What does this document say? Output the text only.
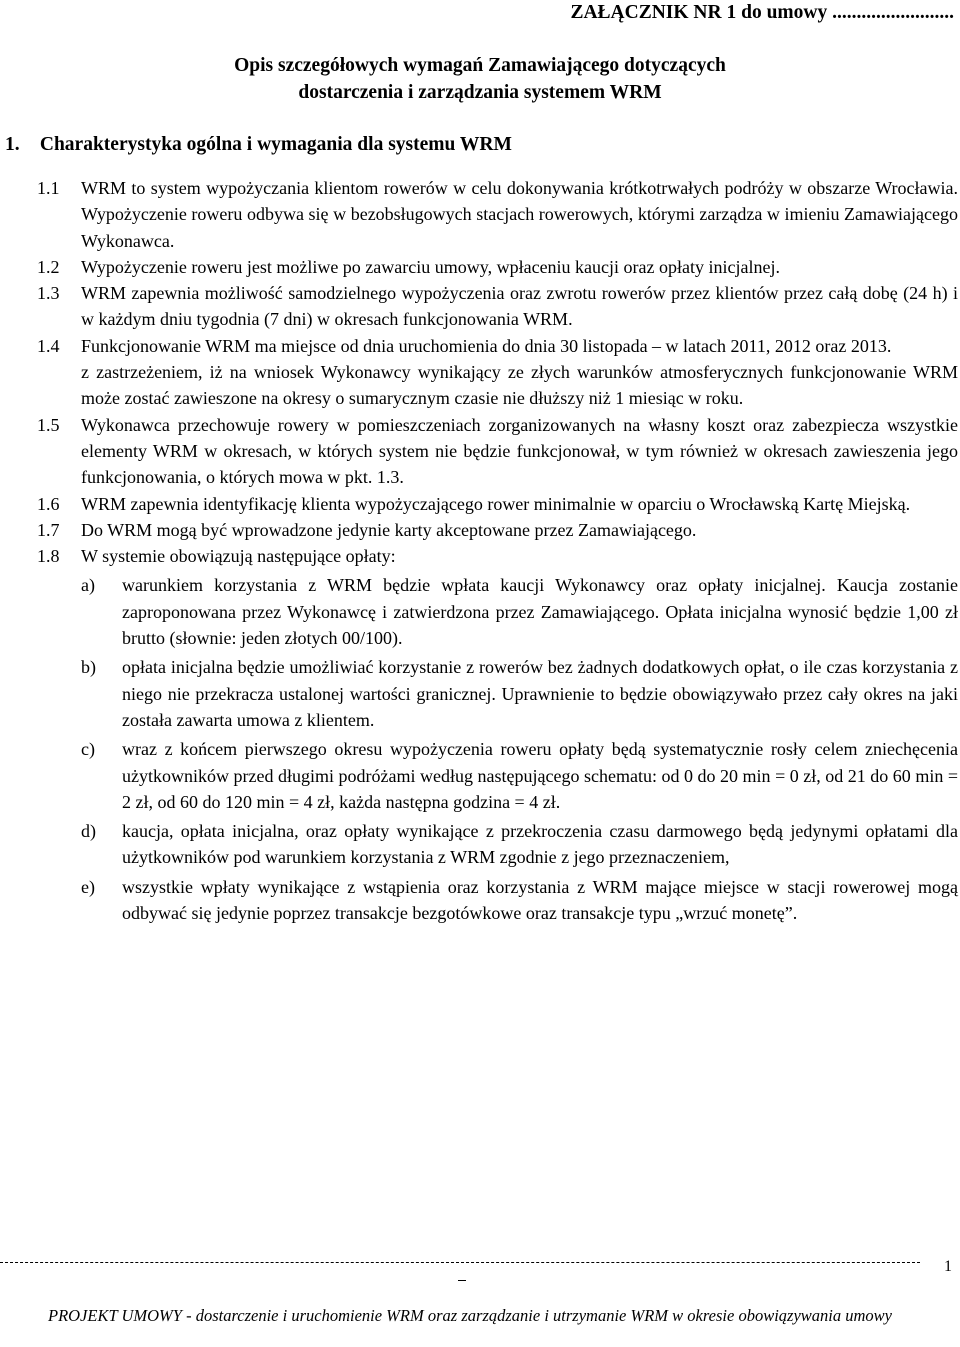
ZAŁĄCZNIK NR 1 do umowy .........................
Opis szczegółowych wymagań Zamawiającego dotyczących
dostarczenia i zarządzania systemem WRM
1. Charakterystyka ogólna i wymagania dla systemu WRM
1.1 WRM to system wypożyczania klientom rowerów w celu dokonywania krótkotrwałych podróży w obszarze Wrocławia. Wypożyczenie roweru odbywa się w bezobsługowych stacjach rowerowych, którymi zarządza w imieniu Zamawiającego Wykonawca.
1.2 Wypożyczenie roweru jest możliwe po zawarciu umowy, wpłaceniu kaucji oraz opłaty inicjalnej.
1.3 WRM zapewnia możliwość samodzielnego wypożyczenia oraz zwrotu rowerów przez klientów przez całą dobę (24 h) i w każdym dniu tygodnia (7 dni) w okresach funkcjonowania WRM.
1.4 Funkcjonowanie WRM ma miejsce od dnia uruchomienia do dnia 30 listopada – w latach 2011, 2012 oraz 2013.
z zastrzeżeniem, iż na wniosek Wykonawcy wynikający ze złych warunków atmosferycznych funkcjonowanie WRM może zostać zawieszone na okresy o sumarycznym czasie nie dłuższy niż 1 miesiąc w roku.
1.5 Wykonawca przechowuje rowery w pomieszczeniach zorganizowanych na własny koszt oraz zabezpiecza wszystkie elementy WRM w okresach, w których system nie będzie funkcjonował, w tym również w okresach zawieszenia jego funkcjonowania, o których mowa w pkt. 1.3.
1.6 WRM zapewnia identyfikację klienta wypożyczającego rower minimalnie w oparciu o Wrocławską Kartę Miejską.
1.7 Do WRM mogą być wprowadzone jedynie karty akceptowane przez Zamawiającego.
1.8 W systemie obowiązują następujące opłaty:
a) warunkiem korzystania z WRM będzie wpłata kaucji Wykonawcy oraz opłaty inicjalnej. Kaucja zostanie zaproponowana przez Wykonawcę i zatwierdzona przez Zamawiającego. Opłata inicjalna wynosić będzie 1,00 zł brutto (słownie: jeden złotych 00/100).
b) opłata inicjalna będzie umożliwiać korzystanie z rowerów bez żadnych dodatkowych opłat, o ile czas korzystania z niego nie przekracza ustalonej wartości granicznej. Uprawnienie to będzie obowiązywało przez cały okres na jaki została zawarta umowa z klientem.
c) wraz z końcem pierwszego okresu wypożyczenia roweru opłaty będą systematycznie rosły celem zniechęcenia użytkowników przed długimi podróżami według następującego schematu: od 0 do 20 min = 0 zł, od 21 do 60 min = 2 zł, od 60 do 120 min = 4 zł, każda następna godzina = 4 zł.
d) kaucja, opłata inicjalna, oraz opłaty wynikające z przekroczenia czasu darmowego będą jedynymi opłatami dla użytkowników pod warunkiem korzystania z WRM zgodnie z jego przeznaczeniem,
e) wszystkie wpłaty wynikające z wstąpienia oraz korzystania z WRM mające miejsce w stacji rowerowej mogą odbywać się jedynie poprzez transakcje bezgotówkowe oraz transakcje typu „wrzuć monetę”.
1
PROJEKT UMOWY - dostarczenie i uruchomienie WRM oraz zarządzanie i utrzymanie WRM w okresie obowiązywania umowy
